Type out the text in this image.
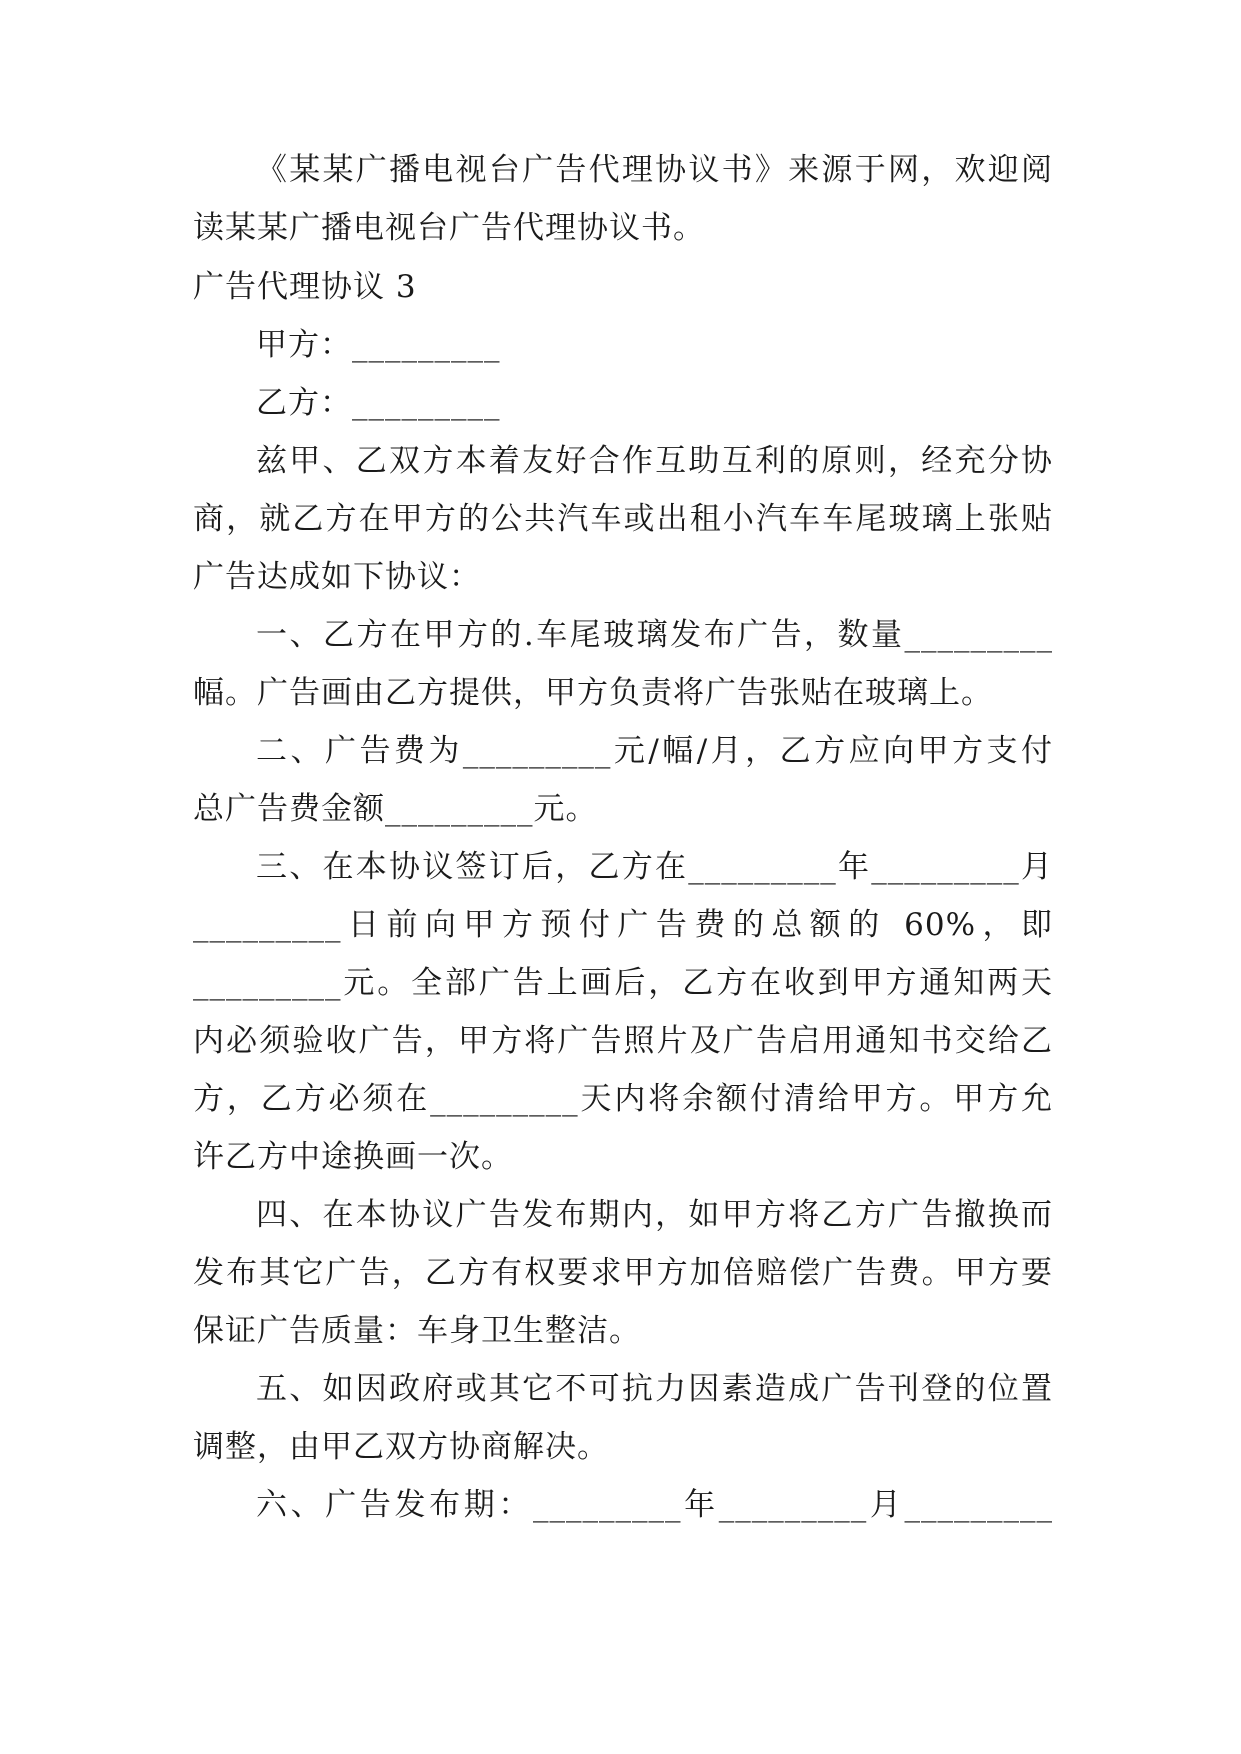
《某某广播电视台广告代理协议书》来源于网，欢迎阅
读某某广播电视台广告代理协议书。
广告代理协议 3
甲方：_________
乙方：_________
兹甲、乙双方本着友好合作互助互利的原则，经充分协
商，就乙方在甲方的公共汽车或出租小汽车车尾玻璃上张贴
广告达成如下协议：
一、乙方在甲方的.车尾玻璃发布广告，数量_________
幅。广告画由乙方提供，甲方负责将广告张贴在玻璃上。
二、广告费为_________元/幅/月，乙方应向甲方支付
总广告费金额_________元。
三、在本协议签订后，乙方在_________年_________月
_________日前向甲方预付广告费的总额的 60%，即
_________元。全部广告上画后，乙方在收到甲方通知两天
内必须验收广告，甲方将广告照片及广告启用通知书交给乙
方，乙方必须在_________天内将余额付清给甲方。甲方允
许乙方中途换画一次。
四、在本协议广告发布期内，如甲方将乙方广告撤换而
发布其它广告，乙方有权要求甲方加倍赔偿广告费。甲方要
保证广告质量：车身卫生整洁。
五、如因政府或其它不可抗力因素造成广告刊登的位置
调整，由甲乙双方协商解决。
六、广告发布期：_________年_________月_________
